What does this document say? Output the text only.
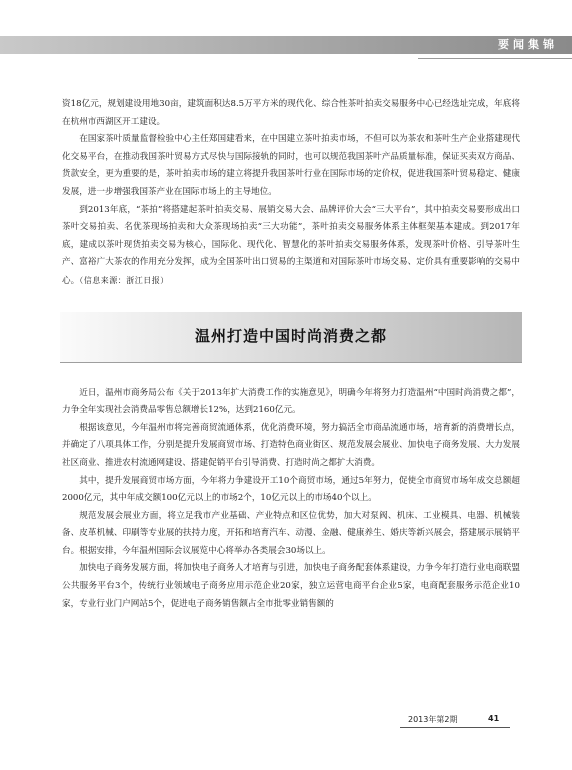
要闻集锦

资18亿元，规划建设用地30亩，建筑面积达8.5万平方米的现代化、综合性茶叶拍卖交易服务中心已经选址完成，年底将在杭州市西湖区开工建设。

在国家茶叶质量监督检验中心主任郑国建看来，在中国建立茶叶拍卖市场，不但可以为茶农和茶叶生产企业搭建现代化交易平台，在推动我国茶叶贸易方式尽快与国际接轨的同时，也可以规范我国茶叶产品质量标准，保证买卖双方商品、货款安全，更为重要的是，茶叶拍卖市场的建立将提升我国茶叶行业在国际市场的定价权，促进我国茶叶贸易稳定、健康发展，进一步增强我国茶产业在国际市场上的主导地位。

到2013年底，“茶拍”将搭建起茶叶拍卖交易、展销交易大会、品牌评价大会“三大平台”，其中拍卖交易要形成出口茶叶交易拍卖、名优茶现场拍卖和大众茶现场拍卖“三大功能”，茶叶拍卖交易服务体系主体框架基本建成。到2017年底，建成以茶叶现货拍卖交易为核心，国际化、现代化、智慧化的茶叶拍卖交易服务体系，发现茶叶价格、引导茶叶生产、富裕广大茶农的作用充分发挥，成为全国茶叶出口贸易的主渠道和对国际茶叶市场交易、定价具有重要影响的交易中心。（信息来源：浙江日报）

温州打造中国时尚消费之都

近日，温州市商务局公布《关于2013年扩大消费工作的实施意见》，明确今年将努力打造温州“中国时尚消费之都”，力争全年实现社会消费品零售总额增长12%，达到2160亿元。

根据该意见，今年温州市将完善商贸流通体系，优化消费环境，努力搞活全市商品流通市场，培育新的消费增长点，并确定了八项具体工作，分别是提升发展商贸市场、打造特色商业街区、规范发展会展业、加快电子商务发展、大力发展社区商业、推进农村流通网建设、搭建促销平台引导消费、打造时尚之都扩大消费。

其中，提升发展商贸市场方面，今年将力争建设开工10个商贸市场，通过5年努力，促使全市商贸市场年成交总额超2000亿元，其中年成交额100亿元以上的市场2个，10亿元以上的市场40个以上。

规范发展会展业方面，将立足我市产业基础、产业特点和区位优势，加大对泵阀、机床、工业模具、电器、机械装备、皮革机械、印刷等专业展的扶持力度，开拓和培育汽车、动漫、金融、健康养生、婚庆等新兴展会，搭建展示展销平台。根据安排，今年温州国际会议展览中心将举办各类展会30场以上。

加快电子商务发展方面，将加快电子商务人才培育与引进，加快电子商务配套体系建设，力争今年打造行业电商联盟公共服务平台3个，传统行业领域电子商务应用示范企业20家，独立运营电商平台企业5家，电商配套服务示范企业10家，专业行业门户网站5个，促进电子商务销售额占全市批零业销售额的

2013年第2期	41
